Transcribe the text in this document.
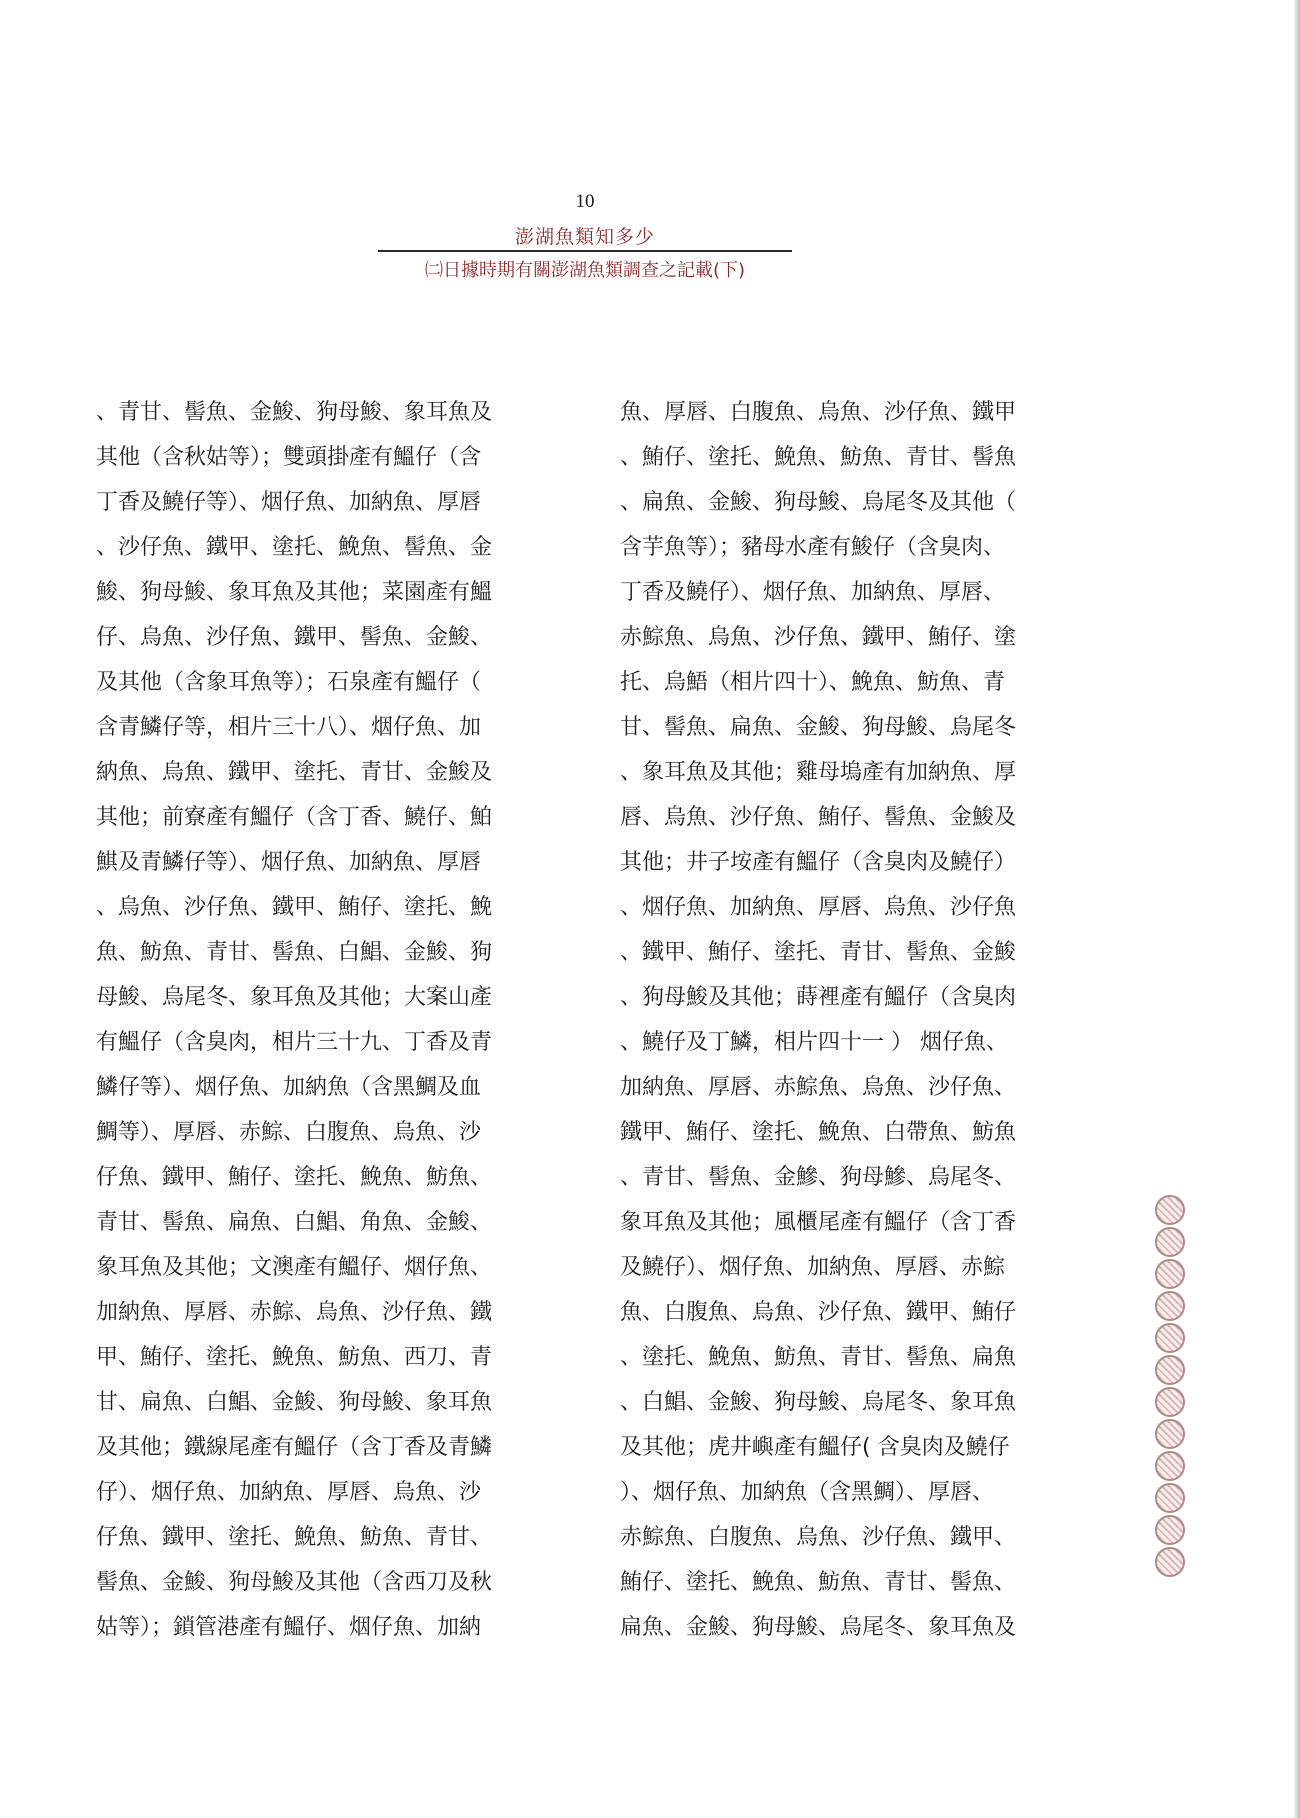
10
澎湖魚類知多少
㈡日據時期有關澎湖魚類調查之記載(下)
、青甘、髻魚、金鮻、狗母鮻、象耳魚及
其他（含秋姑等）；雙頭掛產有鰮仔（含
丁香及鱙仔等）、烟仔魚、加納魚、厚唇
、沙仔魚、鐵甲、塗托、鮸魚、髻魚、金
鮻、狗母鮻、象耳魚及其他；菜園產有鰮
仔、烏魚、沙仔魚、鐵甲、髻魚、金鮻、
及其他（含象耳魚等）；石泉產有鰮仔（
含青鱗仔等，相片三十八）、烟仔魚、加
納魚、烏魚、鐵甲、塗托、青甘、金鮻及
其他；前寮產有鰮仔（含丁香、鱙仔、鮊
鯕及青鱗仔等）、烟仔魚、加納魚、厚唇
、烏魚、沙仔魚、鐵甲、鮪仔、塗托、鮸
魚、魴魚、青甘、髻魚、白鯧、金鮻、狗
母鮻、烏尾冬、象耳魚及其他；大案山產
有鰮仔（含臭肉，相片三十九、丁香及青
鱗仔等）、烟仔魚、加納魚（含黑鯛及血
鯛等）、厚唇、赤鯮、白腹魚、烏魚、沙
仔魚、鐵甲、鮪仔、塗托、鮸魚、魴魚、
青甘、髻魚、扁魚、白鯧、角魚、金鮻、
象耳魚及其他；文澳產有鰮仔、烟仔魚、
加納魚、厚唇、赤鯮、烏魚、沙仔魚、鐵
甲、鮪仔、塗托、鮸魚、魴魚、西刀、青
甘、扁魚、白鯧、金鮻、狗母鮻、象耳魚
及其他；鐵線尾產有鰮仔（含丁香及青鱗
仔）、烟仔魚、加納魚、厚唇、烏魚、沙
仔魚、鐵甲、塗托、鮸魚、魴魚、青甘、
髻魚、金鮻、狗母鮻及其他（含西刀及秋
姑等）；鎖管港產有鰮仔、烟仔魚、加納
魚、厚唇、白腹魚、烏魚、沙仔魚、鐵甲
、鮪仔、塗托、鮸魚、魴魚、青甘、髻魚
、扁魚、金鮻、狗母鮻、烏尾冬及其他（
含芋魚等）；豬母水產有鮻仔（含臭肉、
丁香及鱙仔）、烟仔魚、加納魚、厚唇、
赤鯮魚、烏魚、沙仔魚、鐵甲、鮪仔、塗
托、烏鯃（相片四十）、鮸魚、魴魚、青
甘、髻魚、扁魚、金鮻、狗母鮻、烏尾冬
、象耳魚及其他；雞母塢產有加納魚、厚
唇、烏魚、沙仔魚、鮪仔、髻魚、金鮻及
其他；井子垵產有鰮仔（含臭肉及鱙仔）
、烟仔魚、加納魚、厚唇、烏魚、沙仔魚
、鐵甲、鮪仔、塗托、青甘、髻魚、金鮻
、狗母鮻及其他；蒔裡產有鰮仔（含臭肉
、鱙仔及丁鱗，相片四十一 ） 烟仔魚、
加納魚、厚唇、赤鯮魚、烏魚、沙仔魚、
鐵甲、鮪仔、塗托、鮸魚、白帶魚、魴魚
、青甘、髻魚、金鰺、狗母鰺、烏尾冬、
象耳魚及其他；風櫃尾產有鰮仔（含丁香
及鱙仔）、烟仔魚、加納魚、厚唇、赤鯮
魚、白腹魚、烏魚、沙仔魚、鐵甲、鮪仔
、塗托、鮸魚、魴魚、青甘、髻魚、扁魚
、白鯧、金鮻、狗母鮻、烏尾冬、象耳魚
及其他；虎井嶼產有鰮仔( 含臭肉及鱙仔
）、烟仔魚、加納魚（含黑鯛）、厚唇、
赤鯮魚、白腹魚、烏魚、沙仔魚、鐵甲、
鮪仔、塗托、鮸魚、魴魚、青甘、髻魚、
扁魚、金鮻、狗母鮻、烏尾冬、象耳魚及
